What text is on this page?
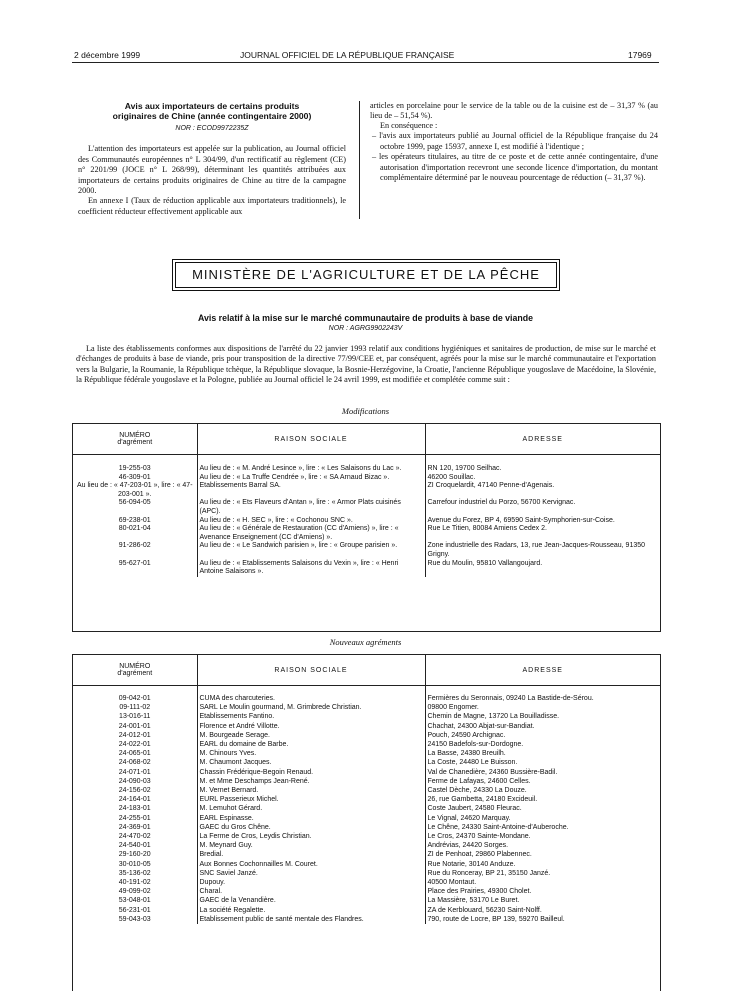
2 décembre 1999	JOURNAL OFFICIEL DE LA RÉPUBLIQUE FRANÇAISE	17969
Avis aux importateurs de certains produits
originaires de Chine (année contingentaire 2000)
NOR : ECOD9972235Z

L'attention des importateurs est appelée sur la publication, au Journal officiel des Communautés européennes n° L 304/99, d'un rectificatif au règlement (CE) n° 2201/99 (JOCE n° L 268/99), déterminant les quantités attribuées aux importateurs de certains produits originaires de Chine au titre de la campagne 2000.

En annexe I (Taux de réduction applicable aux importateurs traditionnels), le coefficient réducteur effectivement applicable aux

articles en porcelaine pour le service de la table ou de la cuisine est de – 31,37 % (au lieu de – 51,54 %).

En conséquence :

– l'avis aux importateurs publié au Journal officiel de la République française du 24 octobre 1999, page 15937, annexe I, est modifié à l'identique ;
– les opérateurs titulaires, au titre de ce poste et de cette année contingentaire, d'une autorisation d'importation recevront une seconde licence d'importation, du montant complémentaire déterminé par le nouveau pourcentage de réduction (– 31,37 %).
MINISTÈRE DE L'AGRICULTURE ET DE LA PÊCHE
Avis relatif à la mise sur le marché communautaire de produits à base de viande
NOR : AGRG9902243V
La liste des établissements conformes aux dispositions de l'arrêté du 22 janvier 1993 relatif aux conditions hygiéniques et sanitaires de production, de mise sur le marché et d'échanges de produits à base de viande, pris pour transposition de la directive 77/99/CEE et, par conséquent, agréés pour la mise sur le marché communautaire et l'exportation vers la Bulgarie, la Roumanie, la République tchèque, la République slovaque, la Bosnie-Herzégovine, la Croatie, l'ancienne République yougoslave de Macédoine, la Slovénie, la République fédérale yougoslave et la Pologne, publiée au Journal officiel le 24 avril 1999, est modifiée et complétée comme suit :
Modifications
NUMÉRO
d'agrément	RAISON SOCIALE	ADRESSE
19-255-03	Au lieu de : « M. André Lesince », lire : « Les Salaisons du Lac ».	RN 120, 19700 Seilhac.
46-309-01	Au lieu de : « La Truffe Cendrée », lire : « SA Arnaud Bizac ».	46200 Souillac.
Au lieu de : « 47-203-01 », lire : « 47-203-001 ».	Etablissements Barral SA.	ZI Croquelardit, 47140 Penne-d'Agenais.
56-094-05	Au lieu de : « Ets Flaveurs d'Antan », lire : « Armor Plats cuisinés (APC).	Carrefour industriel du Porzo, 56700 Kervignac.
69-238-01	Au lieu de : « H. SEC », lire : « Cochonou SNC ».	Avenue du Forez, BP 4, 69590 Saint-Symphorien-sur-Coise.
80-021-04	Au lieu de : « Générale de Restauration (CC d'Amiens) », lire : « Avenance Enseignement (CC d'Amiens) ».	Rue Le Titien, 80084 Amiens Cedex 2.
91-286-02	Au lieu de : « Le Sandwich parisien », lire : « Groupe parisien ».	Zone industrielle des Radars, 13, rue Jean-Jacques-Rousseau, 91350 Grigny.
95-627-01	Au lieu de : « Etablissements Salaisons du Vexin », lire : « Henri Antoine Salaisons ».	Rue du Moulin, 95810 Vallangoujard.
Nouveaux agréments
NUMÉRO
d'agrément	RAISON SOCIALE	ADRESSE
09-042-01	CUMA des charcuteries.	Fermières du Seronnais, 09240 La Bastide-de-Sérou.
09-111-02	SARL Le Moulin gourmand, M. Grimbrede Christian.	09800 Engomer.
13-016-11	Etablissements Fantino.	Chemin de Magne, 13720 La Bouilladisse.
24-001-01	Florence et André Villotte.	Chachat, 24300 Abjat-sur-Bandiat.
24-012-01	M. Bourgeade Serage.	Pouch, 24590 Archignac.
24-022-01	EARL du domaine de Barbe.	24150 Badefols-sur-Dordogne.
24-065-01	M. Chinours Yves.	La Basse, 24380 Breuilh.
24-068-02	M. Chaumont Jacques.	La Coste, 24480 Le Buisson.
24-071-01	Chassin Frédérique-Begoin Renaud.	Val de Chanedière, 24360 Bussière-Badil.
24-090-03	M. et Mme Deschamps Jean-René.	Ferme de Lafayas, 24600 Celles.
24-156-02	M. Vernet Bernard.	Castel Dèche, 24330 La Douze.
24-164-01	EURL Passerieux Michel.	26, rue Gambetta, 24180 Excideuil.
24-183-01	M. Lemuhot Gérard.	Coste Jaubert, 24580 Fleurac.
24-255-01	EARL Espinasse.	Le Vignal, 24620 Marquay.
24-369-01	GAEC du Gros Chêne.	Le Chêne, 24330 Saint-Antoine-d'Auberoche.
24-470-02	La Ferme de Cros, Leydis Christian.	Le Cros, 24370 Sainte-Mondane.
24-540-01	M. Meynard Guy.	Andrévias, 24420 Sorges.
29-160-20	Bredial.	ZI de Penhoat, 29860 Plabennec.
30-010-05	Aux Bonnes Cochonnailles M. Couret.	Rue Notarie, 30140 Anduze.
35-136-02	SNC Saviel Janzé.	Rue du Ronceray, BP 21, 35150 Janzé.
40-191-02	Dupouy.	40500 Montaut.
49-099-02	Charal.	Place des Prairies, 49300 Cholet.
53-048-01	GAEC de la Venandière.	La Massière, 53170 Le Buret.
56-231-01	La société Regalette.	ZA de Kerblouard, 56230 Saint-Nolff.
59-043-03	Etablissement public de santé mentale des Flandres.	790, route de Locre, BP 139, 59270 Bailleul.
